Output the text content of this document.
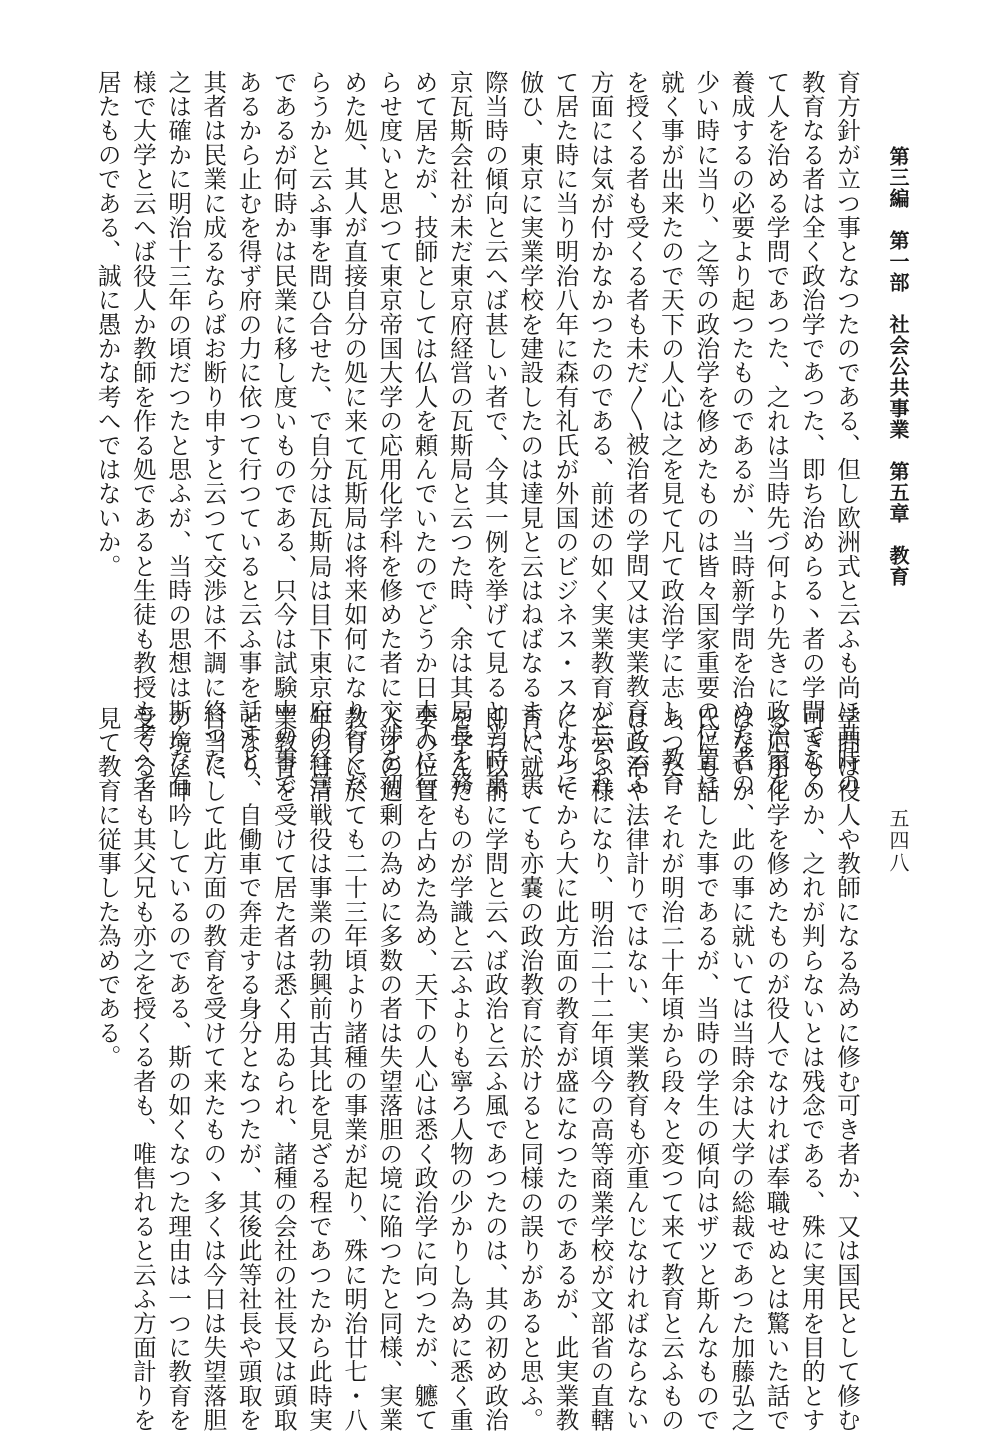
第三編　第一部　社会公共事業　第五章　教育
五四八
育方針が立つ事となつたのである、但し欧洲式と云ふも尚ほ其時の
教育なる者は全く政治学であつた、即ち治めらる丶者の学問でなく
て人を治める学問であつた、之れは当時先づ何より先きに政治家を
養成するの必要より起つたものであるが、当時新学問を治めた者の
少い時に当り、之等の政治学を修めたものは皆々国家重要の位置に
就く事が出来たので天下の人心は之を見て凡て政治学に志し、教育
を授くる者も受くる者も未だ〳〵被治者の学問又は実業教育と云ふ
方面には気が付かなかつたのである、前述の如く実業教育が忘られ
て居た時に当り明治八年に森有礼氏が外国のビジネス・スクールに
倣ひ、東京に実業学校を建設したのは達見と云はねばなるまい、実
際当時の傾向と云へば甚しい者で、今其一例を挙げて見ると当時東
京瓦斯会社が未だ東京府経営の瓦斯局と云つた時、余は其局長を務
めて居たが、技師としては仏人を頼んでいたのでどうか日本人に行
らせ度いと思つて東京帝国大学の応用化学科を修めた者に交渉を初
めた処、其人が直接自分の処に来て瓦斯局は将来如何になり行くだ
らうかと云ふ事を問ひ合せた、で自分は瓦斯局は目下東京府の経営
であるが何時かは民業に移し度いものである、只今は試験中の事で
あるから止むを得ず府の力に依つて行つていると云ふ事を話すと、
其者は民業に成るならばお断り申すと云つて交渉は不調に終つた、
之は確かに明治十三年の頃だつたと思ふが、当時の思想は斯んな有
様で大学と云へば役人か教師を作る処であると生徒も教授も考へて
居たものである、誠に愚かな考へではないか。
学問は役人や教師になる為めに修む可き者か、又は国民として修む
可きものか、之れが判らないとは残念である、殊に実用を目的とす
る応用化学を修めたものが役人でなければ奉職せぬとは驚いた話で
はないか、此の事に就いては当時余は大学の総裁であつた加藤弘之
氏にも話した事であるが、当時の学生の傾向はザツと斯んなもので
あつた、それが明治二十年頃から段々と変つて来て教育と云ふもの
は政治や法律計りではない、実業教育も亦重んじなければならない
と云ふ様になり、明治二十二年頃今の高等商業学校が文部省の直轄
になつてから大に此方面の教育が盛になつたのであるが、此実業教
育に就いても亦嚢の政治教育に於けると同様の誤りがあると思ふ。
即ち以前に学問と云へば政治と云ふ風であつたのは、其の初め政治
を学んだものが学識と云ふよりも寧ろ人物の少かりし為めに悉く重
要の位置を占めた為め、天下の人心は悉く政治学に向つたが、軈て
人才の過剰の為めに多数の者は失望落胆の境に陥つたと同様、実業
教育に於ても二十三年頃より諸種の事業が起り、殊に明治廿七・八
年の日清戦役は事業の勃興前古其比を見ざる程であつたから此時実
業教育を受けて居た者は悉く用ゐられ、諸種の会社の社長又は頭取
となり、自働車で奔走する身分となつたが、其後此等社長や頭取を
目当にして此方面の教育を受けて来たもの丶多くは今日は失望落胆
の境に呻吟しているのである、斯の如くなつた理由は一つに教育を
受くる者も其父兄も亦之を授くる者も、唯售れると云ふ方面計りを
見て教育に従事した為めである。
